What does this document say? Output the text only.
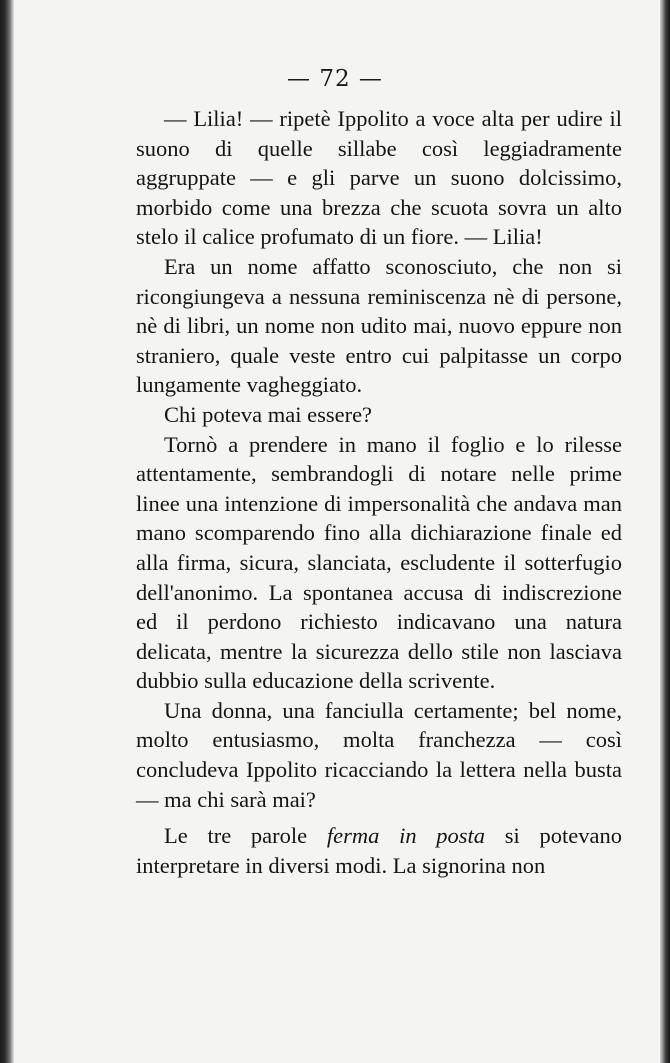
— 72 —

— Lilia! — ripetè Ippolito a voce alta per udire il suono di quelle sillabe così leggiadramente aggruppate — e gli parve un suono dolcissimo, morbido come una brezza che scuota sovra un alto stelo il calice profumato di un fiore. — Lilia!

Era un nome affatto sconosciuto, che non si ricongiungeva a nessuna reminiscenza nè di persone, nè di libri, un nome non udito mai, nuovo eppure non straniero, quale veste entro cui palpitasse un corpo lungamente vagheggiato.

Chi poteva mai essere?

Tornò a prendere in mano il foglio e lo rilesse attentamente, sembrandogli di notare nelle prime linee una intenzione di impersonalità che andava man mano scomparendo fino alla dichiarazione finale ed alla firma, sicura, slanciata, escludente il sotterfugio dell'anonimo. La spontanea accusa di indiscrezione ed il perdono richiesto indicavano una natura delicata, mentre la sicurezza dello stile non lasciava dubbio sulla educazione della scrivente.

Una donna, una fanciulla certamente; bel nome, molto entusiasmo, molta franchezza — così concludeva Ippolito ricacciando la lettera nella busta — ma chi sarà mai?

Le tre parole ferma in posta si potevano interpretare in diversi modi. La signorina non
